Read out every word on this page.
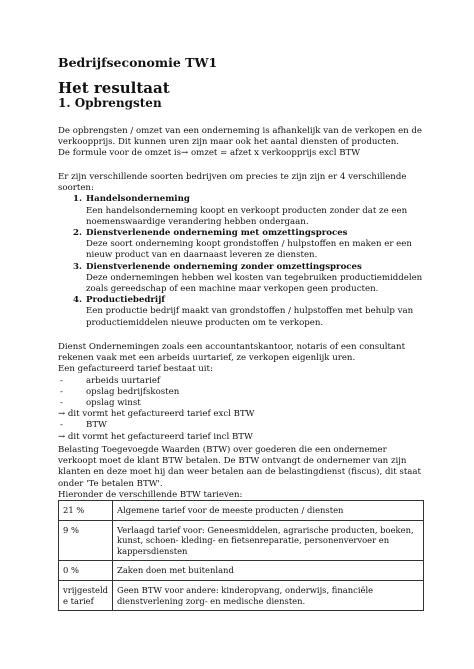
Bedrijfseconomie TW1
Het resultaat
1. Opbrengsten

De opbrengsten / omzet van een onderneming is afhankelijk van de verkopen en de verkoopprijs. Dit kunnen uren zijn maar ook het aantal diensten of producten.

De formule voor de omzet is→ omzet = afzet x verkoopprijs excl BTW

Er zijn verschillende soorten bedrijven om precies te zijn zijn er 4 verschillende soorten:

1. Handelsonderneming
Een handelsonderneming koopt en verkoopt producten zonder dat ze een noemenswaardige verandering hebben ondergaan.
2. Dienstverlenende onderneming met omzettingsproces
Deze soort onderneming koopt grondstoffen / hulpstoffen en maken er een nieuw product van en daarnaast leveren ze diensten.
3. Dienstverlenende onderneming zonder omzettingsproces
Deze ondernemingen hebben wel kosten van tegebruiken productiemiddelen zoals gereedschap of een machine maar verkopen geen producten.
4. Productiebedrijf
Een productie bedrijf maakt van grondstoffen / hulpstoffen met behulp van productiemiddelen nieuwe producten om te verkopen.

Dienst Ondernemingen zoals een accountantskantoor, notaris of een consultant rekenen vaak met een arbeids uurtarief, ze verkopen eigenlijk uren.

Een gefactureerd tarief bestaat uit:

- arbeids uurtarief
- opslag bedrijfskosten
- opslag winst

→ dit vormt het gefactureerd tarief excl BTW

- BTW

→ dit vormt het gefactureerd tarief incl BTW

Belasting Toegevoegde Waarden (BTW) over goederen die een ondernemer verkoopt moet de klant BTW betalen. De BTW ontvangt de ondernemer van zijn klanten en deze moet hij dan weer betalen aan de belastingdienst (fiscus), dit staat onder 'Te betalen BTW'.

Hieronder de verschillende BTW tarieven:

21 %	Algemene tarief voor de meeste producten / diensten
9 %	Verlaagd tarief voor: Geneesmiddelen, agrarische producten, boeken, kunst, schoen- kleding- en fietsenreparatie, personenvervoer en kappersdiensten
0 %	Zaken doen met buitenland
vrijgesteld e tarief	Geen BTW voor andere: kinderopvang, onderwijs, financiële dienstverlening zorg- en medische diensten.
